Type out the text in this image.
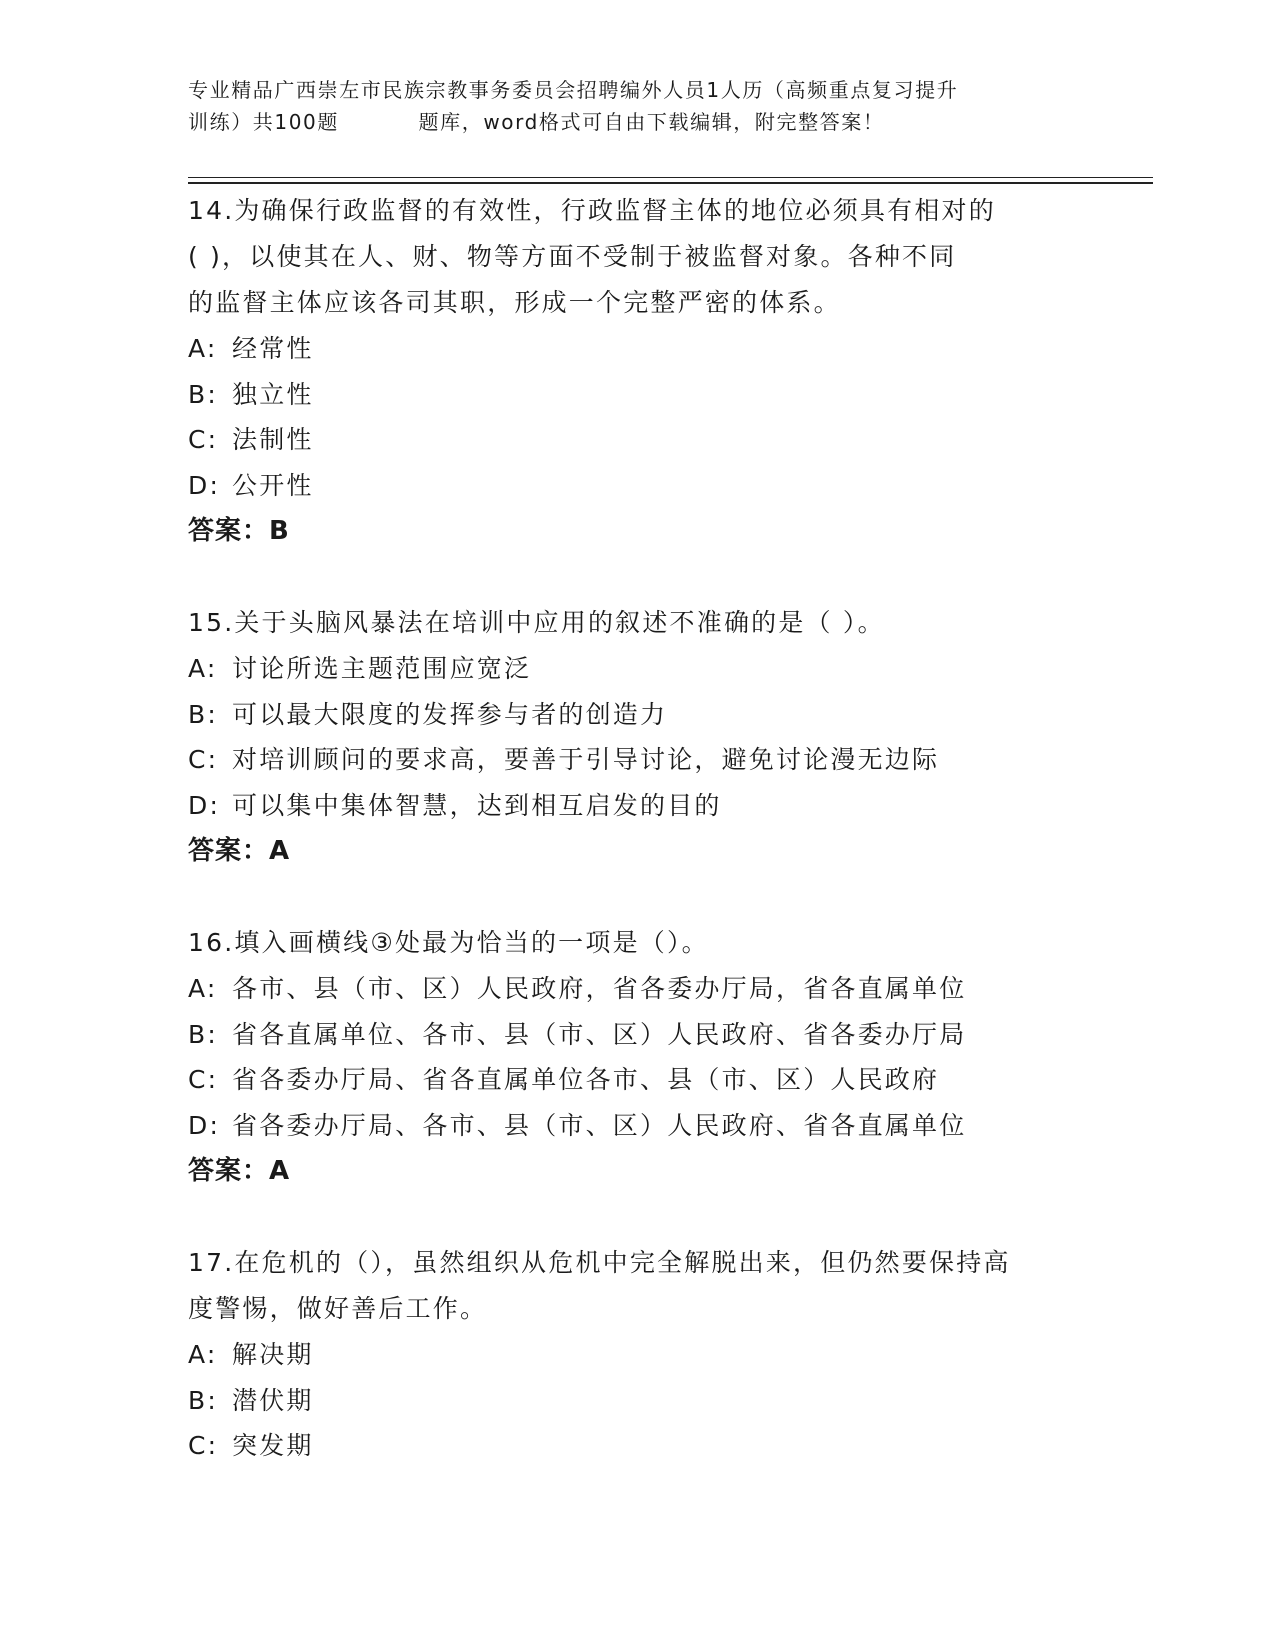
专业精品广西崇左市民族宗教事务委员会招聘编外人员1人历（高频重点复习提升
训练）共100题          题库，word格式可自由下载编辑，附完整答案！
14.为确保行政监督的有效性，行政监督主体的地位必须具有相对的
( )，以使其在人、财、物等方面不受制于被监督对象。各种不同
的监督主体应该各司其职，形成一个完整严密的体系。
A: 经常性
B: 独立性
C: 法制性
D: 公开性
答案：B
15.关于头脑风暴法在培训中应用的叙述不准确的是（ ）。
A: 讨论所选主题范围应宽泛
B: 可以最大限度的发挥参与者的创造力
C: 对培训顾问的要求高，要善于引导讨论，避免讨论漫无边际
D: 可以集中集体智慧，达到相互启发的目的
答案：A
16.填入画横线③处最为恰当的一项是（）。
A: 各市、县（市、区）人民政府，省各委办厅局，省各直属单位
B: 省各直属单位、各市、县（市、区）人民政府、省各委办厅局
C: 省各委办厅局、省各直属单位各市、县（市、区）人民政府
D: 省各委办厅局、各市、县（市、区）人民政府、省各直属单位
答案：A
17.在危机的（），虽然组织从危机中完全解脱出来，但仍然要保持高
度警惕，做好善后工作。
A: 解决期
B: 潜伏期
C: 突发期
